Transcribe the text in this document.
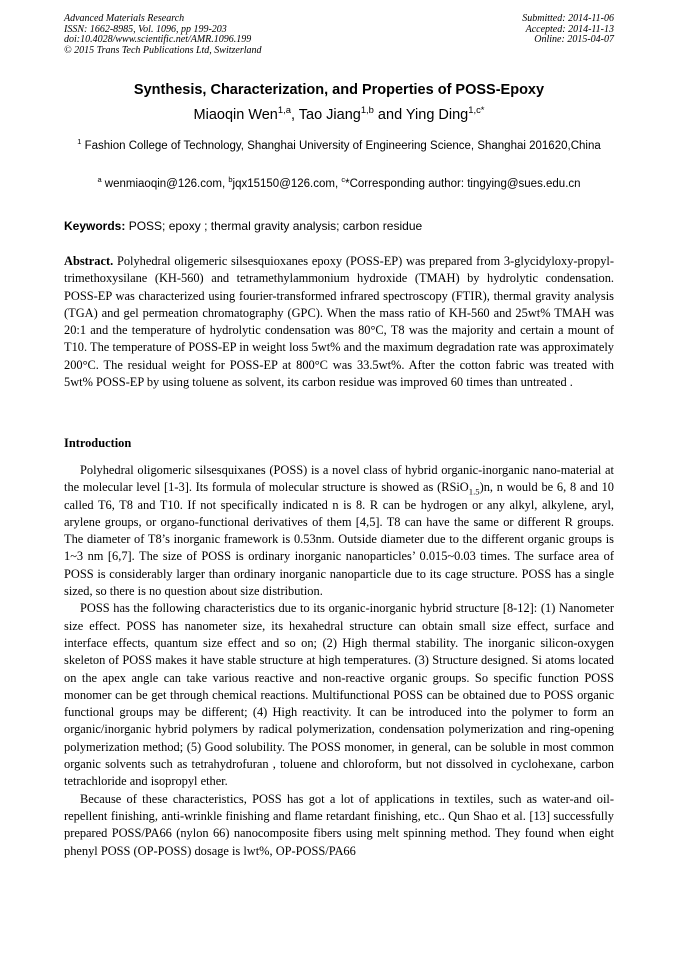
Advanced Materials Research
ISSN: 1662-8985, Vol. 1096, pp 199-203
doi:10.4028/www.scientific.net/AMR.1096.199
© 2015 Trans Tech Publications Ltd, Switzerland
Submitted: 2014-11-06
Accepted: 2014-11-13
Online: 2015-04-07
Synthesis, Characterization, and Properties of POSS-Epoxy
Miaoqin Wen$^{1,a}$, Tao Jiang$^{1,b}$ and Ying Ding$^{1,c*}$
$^1$ Fashion College of Technology, Shanghai University of Engineering Science, Shanghai 201620,China
$^a$ wenmiaoqin@126.com, $^b$jqx15150@126.com, $^c$*Corresponding author: tingying@sues.edu.cn
Keywords: POSS; epoxy ; thermal gravity analysis; carbon residue
Abstract. Polyhedral oligemeric silsesquioxanes epoxy (POSS-EP) was prepared from 3-glycidyloxy-propyl-trimethoxysilane (KH-560) and tetramethylammonium hydroxide (TMAH) by hydrolytic condensation. POSS-EP was characterized using fourier-transformed infrared spectroscopy (FTIR), thermal gravity analysis (TGA) and gel permeation chromatography (GPC). When the mass ratio of KH-560 and 25wt% TMAH was 20:1 and the temperature of hydrolytic condensation was 80°C, T8 was the majority and certain a mount of T10. The temperature of POSS-EP in weight loss 5wt% and the maximum degradation rate was approximately 200°C. The residual weight for POSS-EP at 800°C was 33.5wt%. After the cotton fabric was treated with 5wt% POSS-EP by using toluene as solvent, its carbon residue was improved 60 times than untreated .
Introduction

Polyhedral oligomeric silsesquixanes (POSS) is a novel class of hybrid organic-inorganic nano-material at the molecular level [1-3]. Its formula of molecular structure is showed as (RSiO$_{1.5}$)n, n would be 6, 8 and 10 called T6, T8 and T10. If not specifically indicated n is 8. R can be hydrogen or any alkyl, alkylene, aryl, arylene groups, or organo-functional derivatives of them [4,5]. T8 can have the same or different R groups. The diameter of T8’s inorganic framework is 0.53nm. Outside diameter due to the different organic groups is 1~3 nm [6,7]. The size of POSS is ordinary inorganic nanoparticles’ 0.015~0.03 times. The surface area of POSS is considerably larger than ordinary inorganic nanoparticle due to its cage structure. POSS has a single sized, so there is no question about size distribution.

POSS has the following characteristics due to its organic-inorganic hybrid structure [8-12]: (1) Nanometer size effect. POSS has nanometer size, its hexahedral structure can obtain small size effect, surface and interface effects, quantum size effect and so on; (2) High thermal stability. The inorganic silicon-oxygen skeleton of POSS makes it have stable structure at high temperatures. (3) Structure designed. Si atoms located on the apex angle can take various reactive and non-reactive organic groups. So specific function POSS monomer can be get through chemical reactions. Multifunctional POSS can be obtained due to POSS organic functional groups may be different; (4) High reactivity. It can be introduced into the polymer to form an organic/inorganic hybrid polymers by radical polymerization, condensation polymerization and ring-opening polymerization method; (5) Good solubility. The POSS monomer, in general, can be soluble in most common organic solvents such as tetrahydrofuran , toluene and chloroform, but not dissolved in cyclohexane, carbon tetrachloride and isopropyl ether.

Because of these characteristics, POSS has got a lot of applications in textiles, such as water-and oil-repellent finishing, anti-wrinkle finishing and flame retardant finishing, etc.. Qun Shao et al. [13] successfully prepared POSS/PA66 (nylon 66) nanocomposite fibers using melt spinning method. They found when eight phenyl POSS (OP-POSS) dosage is lwt%, OP-POSS/PA66
